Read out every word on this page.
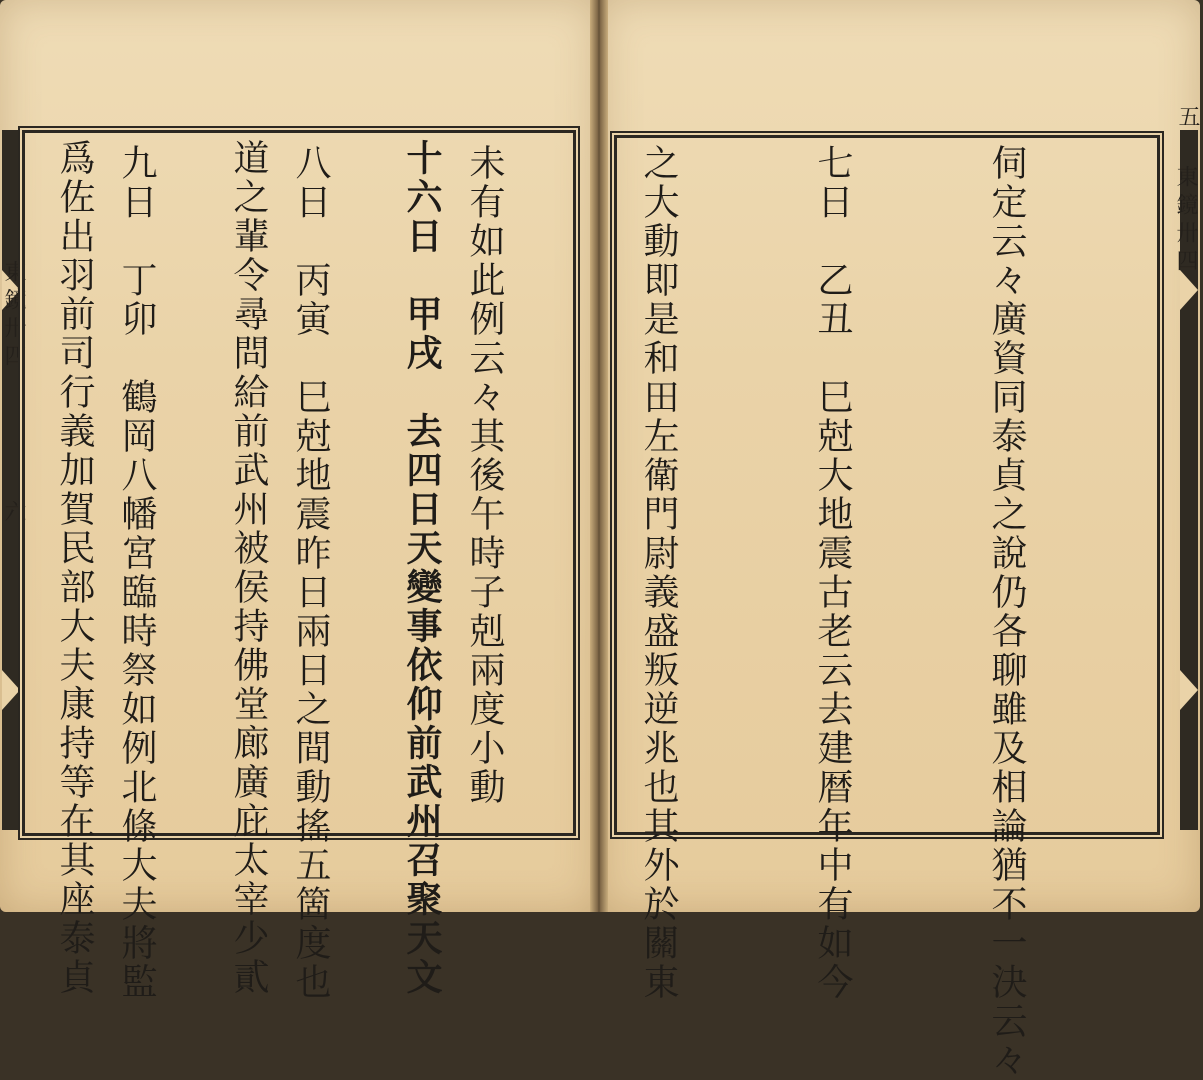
東鏡卅四
六
東鏡卅四
五

十六日　甲戌　去四日天變事依仰前武州召聚天文

道之輩令尋問給前武州被侯持佛堂廊廣庇太宰少貳

爲佐出羽前司行義加賀民部大夫康持等在其座泰貞

	伺定云々廣資同泰貞之說仍各聊雖及相論猶不一決云々

七日　乙丑　巳尅大地震古老云去建暦年中有如今

之大動即是和田左衛門尉義盛叛逆兆也其外於關東

未有如此例云々其後午時子剋兩度小動

八日　丙寅　巳尅地震昨日兩日之間動搖五箇度也

九日　丁卯　鶴岡八幡宮臨時祭如例北條大夫將監
